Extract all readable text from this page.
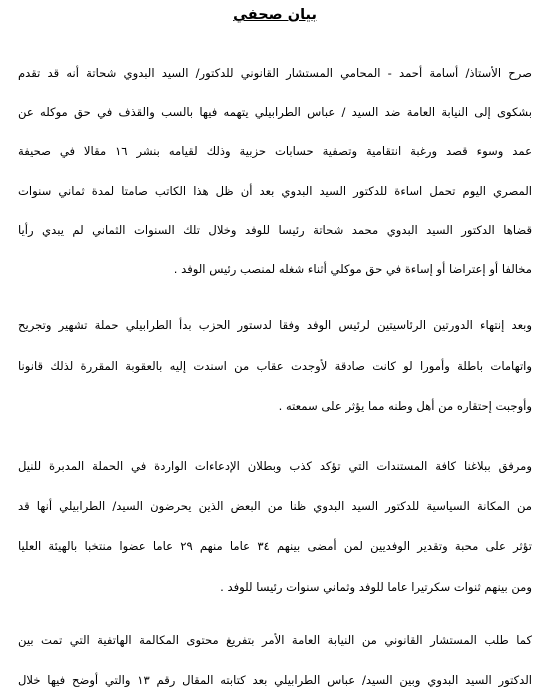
بيان صحفي
صرح الأستاذ/ أسامة أحمد - المحامي المستشار القانوني للدكتور/ السيد البدوي شحاتة أنه قد تقدم
بشكوى إلى النيابة العامة ضد السيد / عباس الطرابيلي يتهمه فيها بالسب والقذف في حق موكله عن
عمد وسوء قصد ورغبة انتقامية وتصفية حسابات حزبية وذلك لقيامه بنشر ١٦ مقالا في صحيفة
المصري اليوم تحمل اساءة للدكتور السيد البدوي بعد أن ظل هذا الكاتب صامتا لمدة ثماني سنوات
قضاها الدكتور السيد البدوي محمد شحاتة رئيسا للوفد وخلال تلك السنوات الثماني لم يبدي رأيا
مخالفا أو إعتراضا أو إساءة في حق موكلي أثناء شغله لمنصب رئيس الوفد .
وبعد إنتهاء الدورتين الرئاسيتين لرئيس الوفد وفقا لدستور الحزب بدأ الطرابيلي حملة تشهير وتجريح
واتهامات باطلة وأمورا لو كانت صادقة لأوجدت عقاب من اسندت إليه بالعقوبة المقررة لذلك قانونا
وأوجبت إحتقاره من أهل وطنه مما يؤثر على سمعته .
ومرفق ببلاغنا كافة المستندات التي تؤكد كذب وبطلان الإدعاءات الواردة في الحملة المدبرة للنيل
من المكانة السياسية للدكتور السيد البدوي ظنا من البعض الذين يحرضون السيد/ الطرابيلي أنها قد
تؤثر على محبة وتقدير الوفديين لمن أمضى بينهم ٣٤ عاما منهم ٢٩ عاما عضوا منتخبا بالهيئة العليا
ومن بينهم ثنوات سكرتيرا عاما للوفد وثماني سنوات رئيسا للوفد .
كما طلب المستشار القانوني من النيابة العامة الأمر بتفريغ محتوى المكالمة الهاتفية التي تمت بين
الدكتور السيد البدوي وبين السيد/ عباس الطرابيلي بعد كتابته المقال رقم ١٣ والتي أوضح فيها خلال
